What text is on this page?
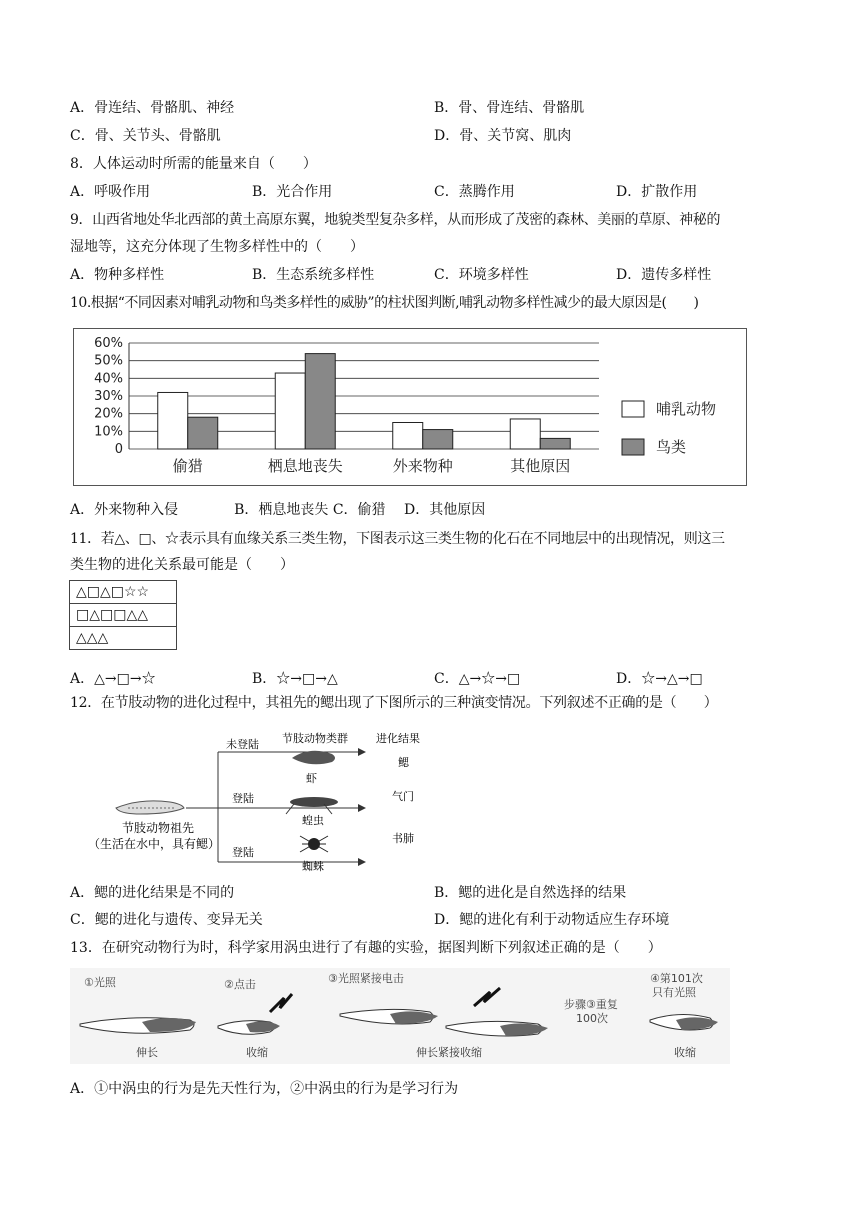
A．骨连结、骨骼肌、神经	B．骨、骨连结、骨骼肌
C．骨、关节头、骨骼肌	D．骨、关节窝、肌肉
8．人体运动时所需的能量来自（　　）
A．呼吸作用	B．光合作用	C．蒸腾作用	D．扩散作用
9．山西省地处华北西部的黄土高原东翼，地貌类型复杂多样，从而形成了茂密的森林、美丽的草原、神秘的
湿地等，这充分体现了生物多样性中的（　　）
A．物种多样性	B．生态系统多样性	C．环境多样性	D．遗传多样性
10.根据“不同因素对哺乳动物和鸟类多样性的威胁”的柱状图判断,哺乳动物多样性减少的最大原因是(　　)
0
10%
20%
30%
40%
50%
60%
偷猎	栖息地丧失	外来物种	其他原因
哺乳动物
鸟类
A．外来物种入侵　　　　B．栖息地丧失 C．偷猎　 D．其他原因
11．若△、□、☆表示具有血缘关系三类生物，下图表示这三类生物的化石在不同地层中的出现情况，则这三
类生物的进化关系最可能是（　　）
△□△□☆☆
□△□□△△
△△△
A．△→□→☆	B．☆→□→△	C．△→☆→□	D．☆→△→□
12．在节肢动物的进化过程中，其祖先的鳃出现了下图所示的三种演变情况。下列叙述不正确的是（　　）
节肢动物祖先
（生活在水中，具有鳃）
未登陆
登陆
登陆
节肢动物类群	进化结果
虾
蝗虫
蜘蛛
鳃
气门
书肺
A．鳃的进化结果是不同的	B．鳃的进化是自然选择的结果
C．鳃的进化与遗传、变异无关	D．鳃的进化有利于动物适应生存环境
13．在研究动物行为时，科学家用涡虫进行了有趣的实验，据图判断下列叙述正确的是（　　）
①光照	②点击	③光照紧接电击
步骤③重复
100次
④第101次
只有光照
伸长	收缩	伸长紧接收缩	收缩
A．①中涡虫的行为是先天性行为，②中涡虫的行为是学习行为
